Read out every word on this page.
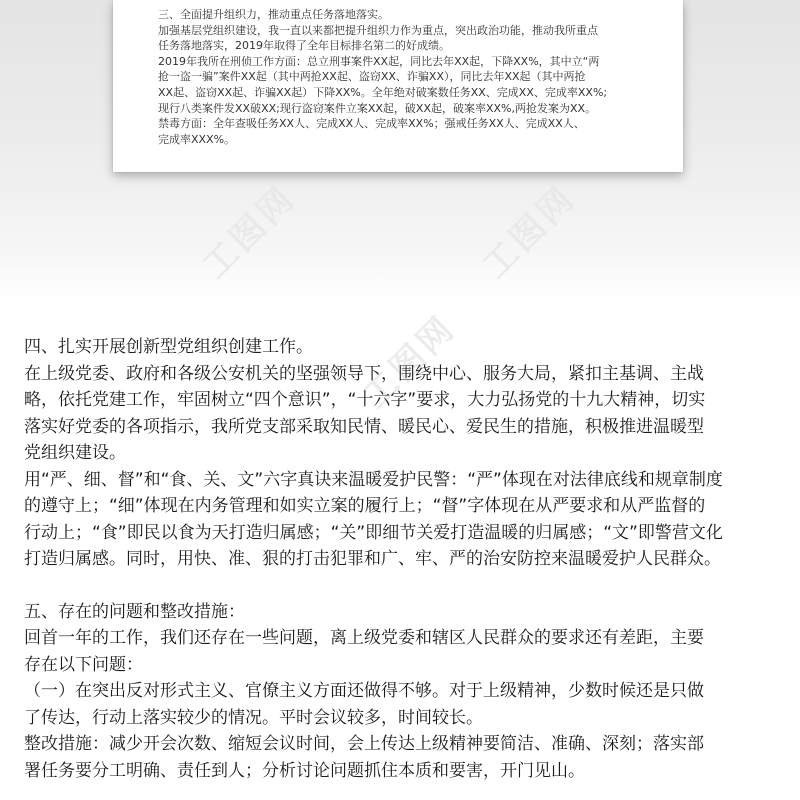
三、全面提升组织力，推动重点任务落地落实。

加强基层党组织建设，我一直以来都把提升组织力作为重点，突出政治功能，推动我所重点
任务落地落实，2019年取得了全年目标排名第二的好成绩。

2019年我所在刑侦工作方面：总立刑事案件XX起，同比去年XX起，下降XX%，其中立“两
抢一盗一骗”案件XX起（其中两抢XX起、盗窃XX、诈骗XX），同比去年XX起（其中两抢
XX起、盗窃XX起、诈骗XX起）下降XX%。全年绝对破案数任务XX、完成XX、完成率XX%;
现行八类案件发XX破XX;现行盗窃案件立案XX起，破XX起，破案率XX%,两抢发案为XX。

禁毒方面：全年查吸任务XX人、完成XX人、完成率XX%；强戒任务XX人、完成XX人、
完成率XXX%。

工图网	工图网
工图网

四、扎实开展创新型党组织创建工作。

在上级党委、政府和各级公安机关的坚强领导下，围绕中心、服务大局，紧扣主基调、主战
略，依托党建工作，牢固树立“四个意识”，“十六字”要求，大力弘扬党的十九大精神，切实
落实好党委的各项指示，我所党支部采取知民情、暖民心、爱民生的措施，积极推进温暖型
党组织建设。

用“严、细、督”和“食、关、文”六字真诀来温暖爱护民警：“严”体现在对法律底线和规章制度
的遵守上；“细”体现在内务管理和如实立案的履行上；“督”字体现在从严要求和从严监督的
行动上；“食”即民以食为天打造归属感；“关”即细节关爱打造温暖的归属感；“文”即警营文化
打造归属感。同时，用快、准、狠的打击犯罪和广、牢、严的治安防控来温暖爱护人民群众。

五、存在的问题和整改措施：

回首一年的工作，我们还存在一些问题，离上级党委和辖区人民群众的要求还有差距，主要
存在以下问题：

（一）在突出反对形式主义、官僚主义方面还做得不够。对于上级精神，少数时候还是只做
了传达，行动上落实较少的情况。平时会议较多，时间较长。

整改措施：减少开会次数、缩短会议时间，会上传达上级精神要简洁、准确、深刻；落实部
署任务要分工明确、责任到人；分析讨论问题抓住本质和要害，开门见山。
